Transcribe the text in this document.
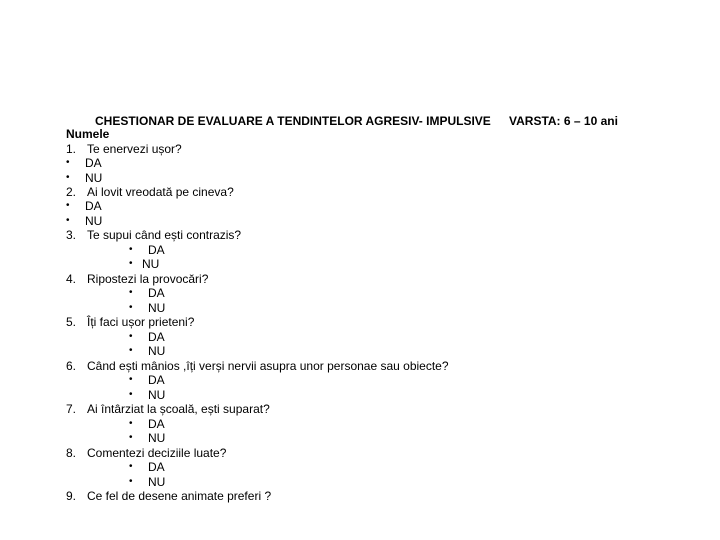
CHESTIONAR DE EVALUARE A TENDINTELOR AGRESIV- IMPULSIVE VARSTA: 6 – 10 ani
Numele
1. Te enervezi ușor?
• DA
• NU
2. Ai lovit vreodată pe cineva?
• DA
• NU
3. Te supui când ești contrazis?
• DA
• NU
4. Ripostezi la provocări?
• DA
• NU
5. Îți faci ușor prieteni?
• DA
• NU
6. Când ești mânios ,îți verși nervii asupra unor personae sau obiecte?
• DA
• NU
7. Ai întârziat la școală, ești suparat?
• DA
• NU
8. Comentezi deciziile luate?
• DA
• NU
9. Ce fel de desene animate preferi ?
